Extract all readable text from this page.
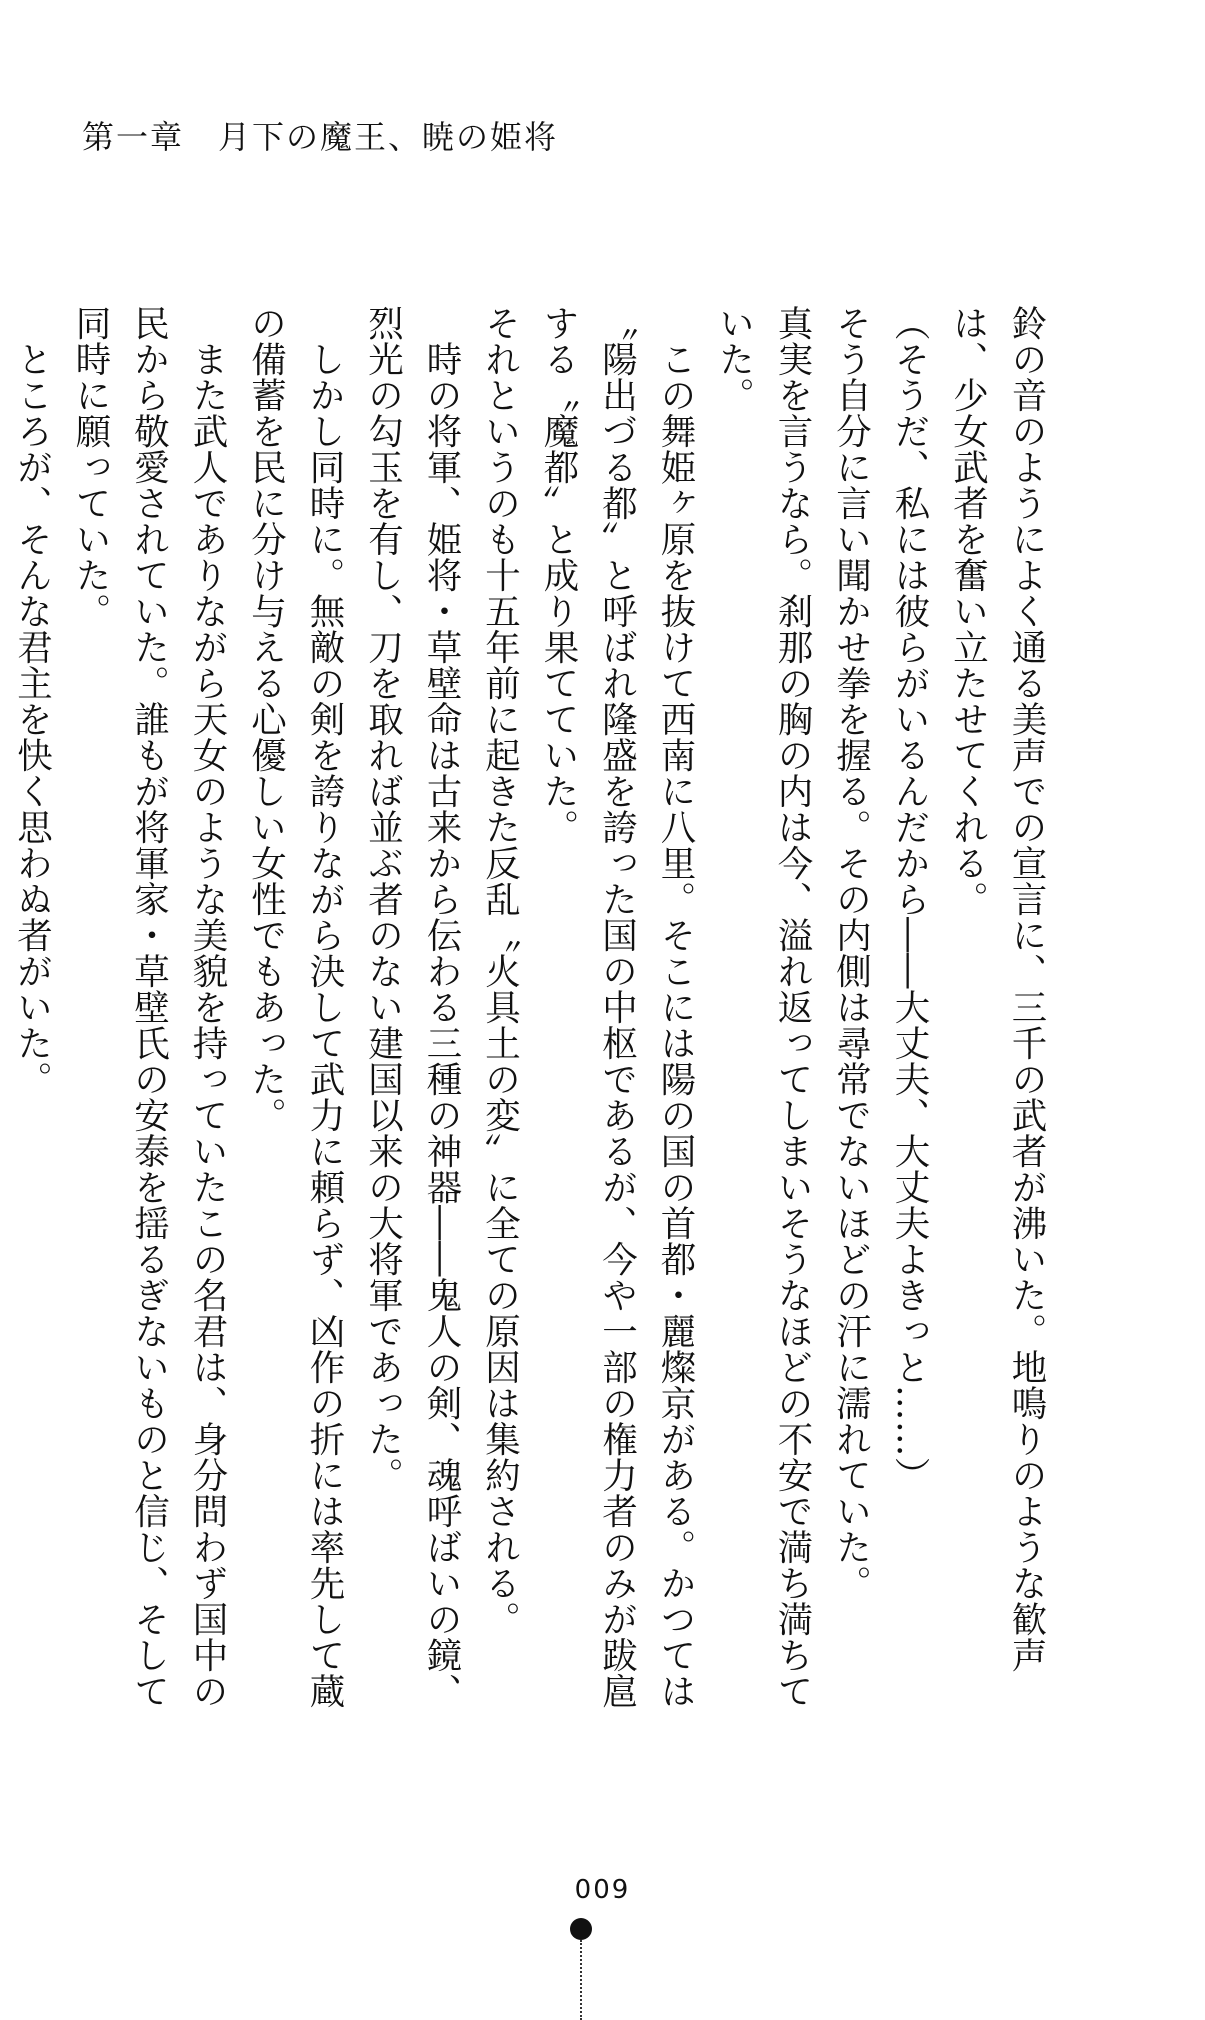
第一章　月下の魔王、暁の姫将

鈴の音のようによく通る美声での宣言に、三千の武者が沸いた。地鳴りのような歓声は、少女武者を奮い立たせてくれる。

（そうだ、私には彼らがいるんだから――大丈夫、大丈夫よきっと……）

そう自分に言い聞かせ拳を握る。その内側は尋常でないほどの汗に濡れていた。

真実を言うなら。刹那の胸の内は今、溢れ返ってしまいそうなほどの不安で満ち満ちていた。

この舞姫ヶ原を抜けて西南に八里。そこには陽の国の首都・麗燦京がある。かつては〝陽出づる都〟と呼ばれ隆盛を誇った国の中枢であるが、今や一部の権力者のみが跋扈する〝魔都〟と成り果てていた。

それというのも十五年前に起きた反乱〝火具土の変〟に全ての原因は集約される。

時の将軍、姫将・草壁命は古来から伝わる三種の神器――鬼人の剣、魂呼ばいの鏡、烈光の勾玉を有し、刀を取れば並ぶ者のない建国以来の大将軍であった。

しかし同時に。無敵の剣を誇りながら決して武力に頼らず、凶作の折には率先して蔵の備蓄を民に分け与える心優しい女性でもあった。

また武人でありながら天女のような美貌を持っていたこの名君は、身分問わず国中の民から敬愛されていた。誰もが将軍家・草壁氏の安泰を揺るぎないものと信じ、そして同時に願っていた。

ところが、そんな君主を快く思わぬ者がいた。

009
